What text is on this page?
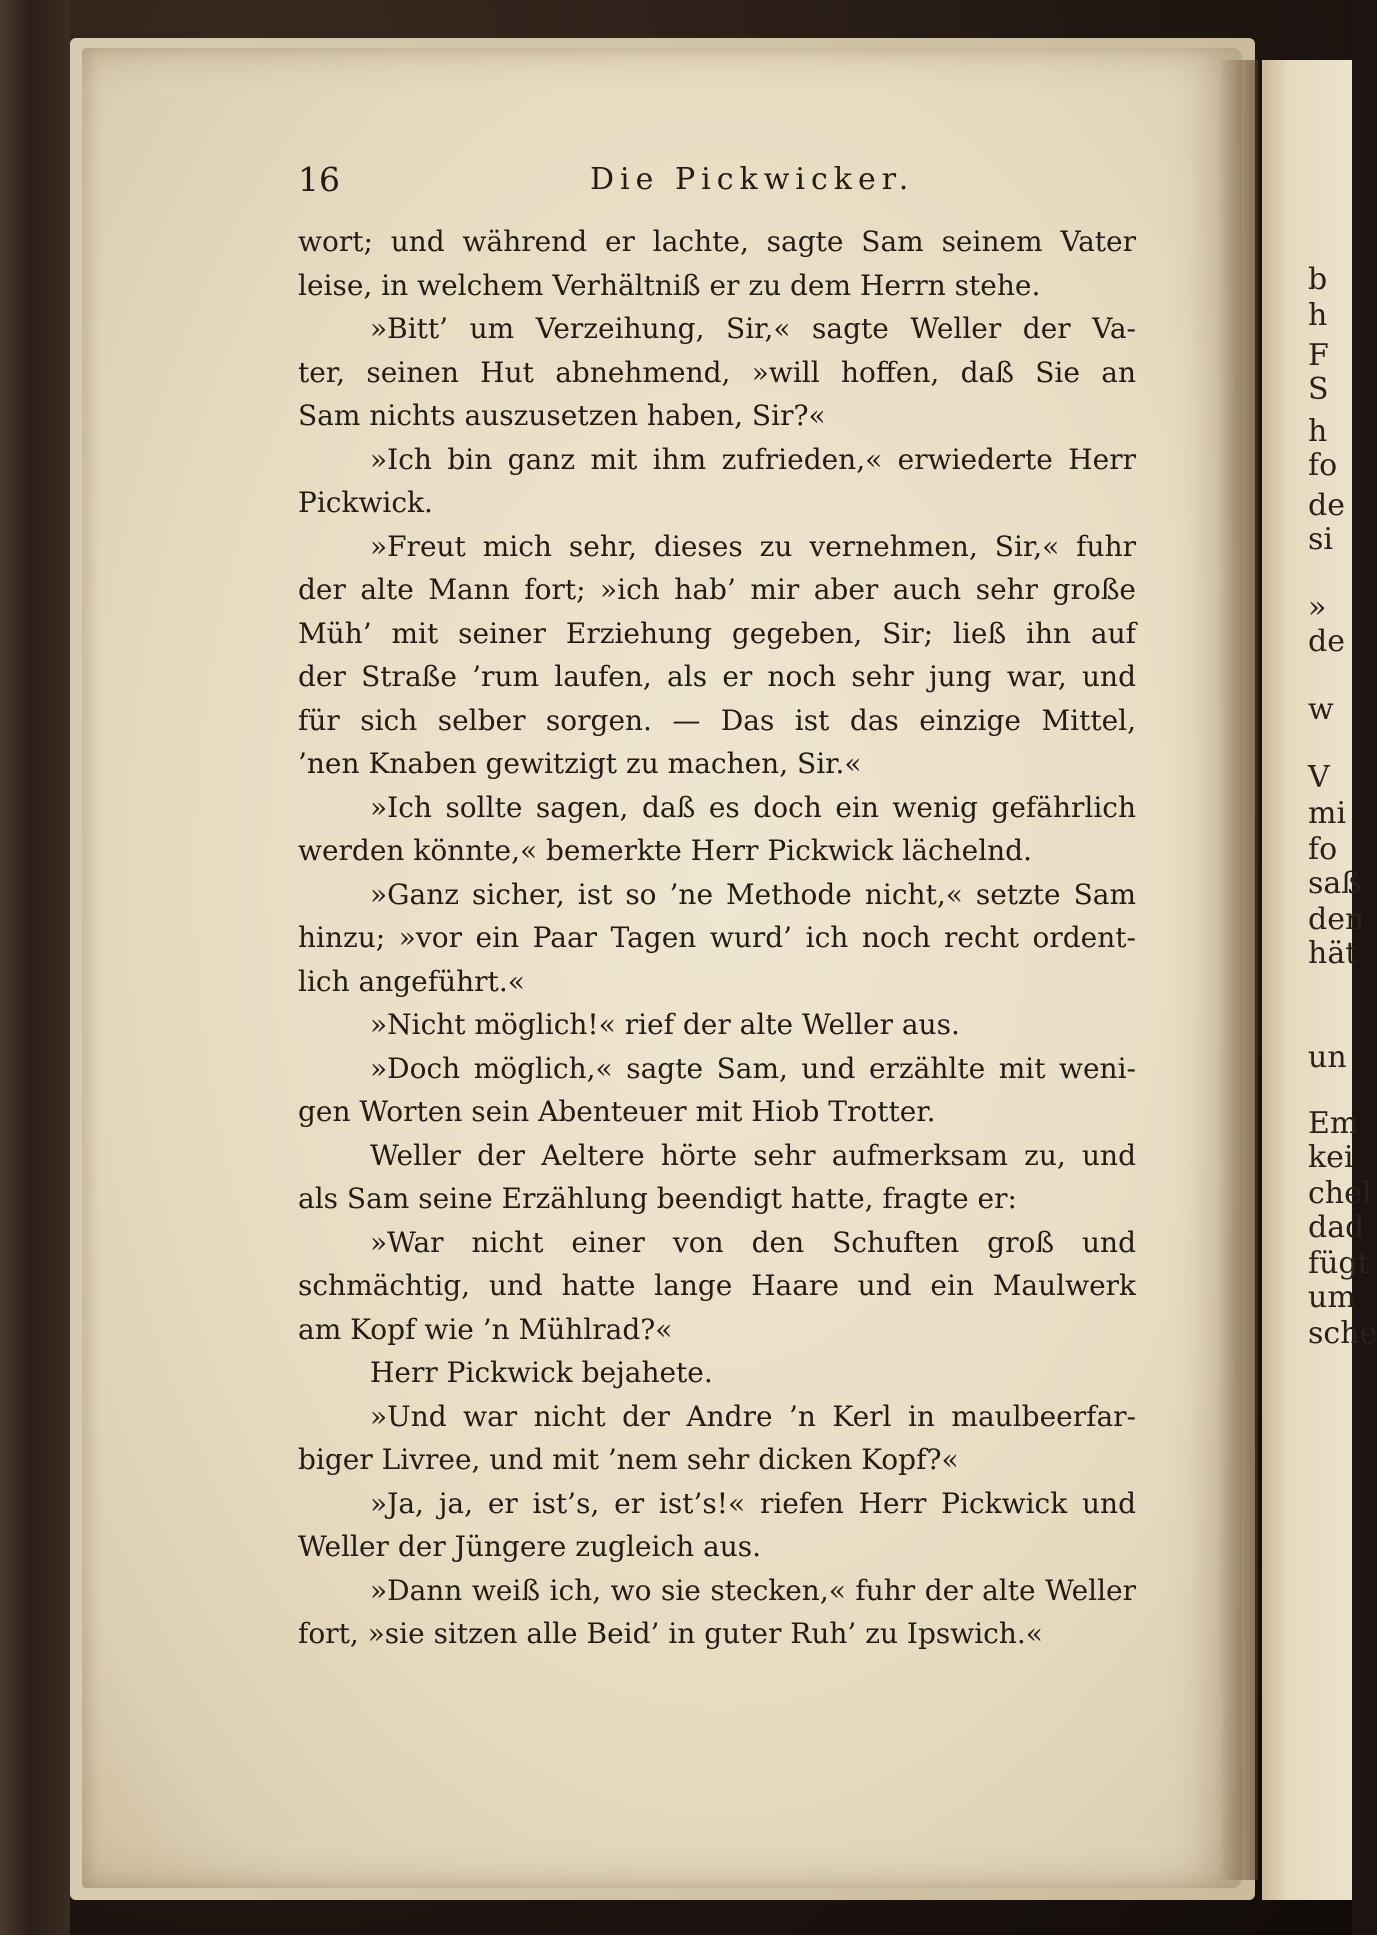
16	Die Pickwicker.
wort; und während er lachte, sagte Sam seinem Vater
leise, in welchem Verhältniß er zu dem Herrn stehe.
»Bitt’ um Verzeihung, Sir,« sagte Weller der Va-
ter, seinen Hut abnehmend, »will hoffen, daß Sie an
Sam nichts auszusetzen haben, Sir?«
»Ich bin ganz mit ihm zufrieden,« erwiederte Herr
Pickwick.
»Freut mich sehr, dieses zu vernehmen, Sir,« fuhr
der alte Mann fort; »ich hab’ mir aber auch sehr große
Müh’ mit seiner Erziehung gegeben, Sir; ließ ihn auf
der Straße ’rum laufen, als er noch sehr jung war, und
für sich selber sorgen. — Das ist das einzige Mittel,
’nen Knaben gewitzigt zu machen, Sir.«
»Ich sollte sagen, daß es doch ein wenig gefährlich
werden könnte,« bemerkte Herr Pickwick lächelnd.
»Ganz sicher, ist so ’ne Methode nicht,« setzte Sam
hinzu; »vor ein Paar Tagen wurd’ ich noch recht ordent-
lich angeführt.«
»Nicht möglich!« rief der alte Weller aus.
»Doch möglich,« sagte Sam, und erzählte mit weni-
gen Worten sein Abenteuer mit Hiob Trotter.
Weller der Aeltere hörte sehr aufmerksam zu, und
als Sam seine Erzählung beendigt hatte, fragte er:
»War nicht einer von den Schuften groß und
schmächtig, und hatte lange Haare und ein Maulwerk
am Kopf wie ’n Mühlrad?«
Herr Pickwick bejahete.
»Und war nicht der Andre ’n Kerl in maulbeerfar-
biger Livree, und mit ’nem sehr dicken Kopf?«
»Ja, ja, er ist’s, er ist’s!« riefen Herr Pickwick und
Weller der Jüngere zugleich aus.
»Dann weiß ich, wo sie stecken,« fuhr der alte Weller
fort, »sie sitzen alle Beid’ in guter Ruh’ zu Ipswich.«
b
h
F
S
h
fo
de
si
»
de
w
V
mi
fo
saß
den
hät
un
Em
kei
chel
dad
fügt
um
sche
